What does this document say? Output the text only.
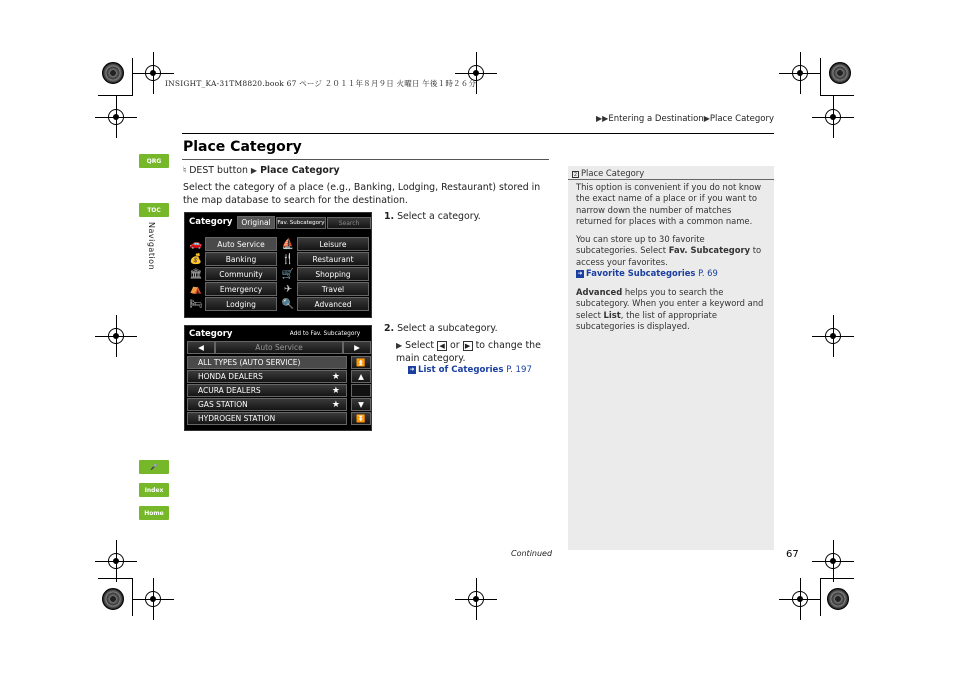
INSIGHT_KA-31TM8820.book 67 ページ ２０１１年８月９日 火曜日 午後１時２６分
▶▶Entering a Destination▶Place Category
Place Category
QRG
TOC
Navigation
🎤
Index
Home
♮ DEST button ▶ Place Category
Select the category of a place (e.g., Banking, Lodging, Restaurant) stored in the map database to search for the destination.
Category	Original	Fav. Subcategory	Search
🚗	Auto Service	⛵	Leisure
💰	Banking	🍴	Restaurant
🏛	Community	🛒	Shopping
⛺	Emergency	✈	Travel
🛏	Lodging	🔍	Advanced
1. Select a category.
Category	Add to Fav. Subcategory
◀	Auto Service	▶
ALL TYPES (AUTO SERVICE)
HONDA DEALERS	★
ACURA DEALERS	★
GAS STATION	★
HYDROGEN STATION
⏫
▲
▼
⏬
2. Select a subcategory.
▶ Select ◀ or ▶ to change the main category.
➜ List of Categories P. 197
2 Place Category
This option is convenient if you do not know the exact name of a place or if you want to narrow down the number of matches returned for places with a common name.
You can store up to 30 favorite subcategories. Select Fav. Subcategory to access your favorites.
➜ Favorite Subcategories P. 69
Advanced helps you to search the subcategory. When you enter a keyword and select List, the list of appropriate subcategories is displayed.
Continued	67
